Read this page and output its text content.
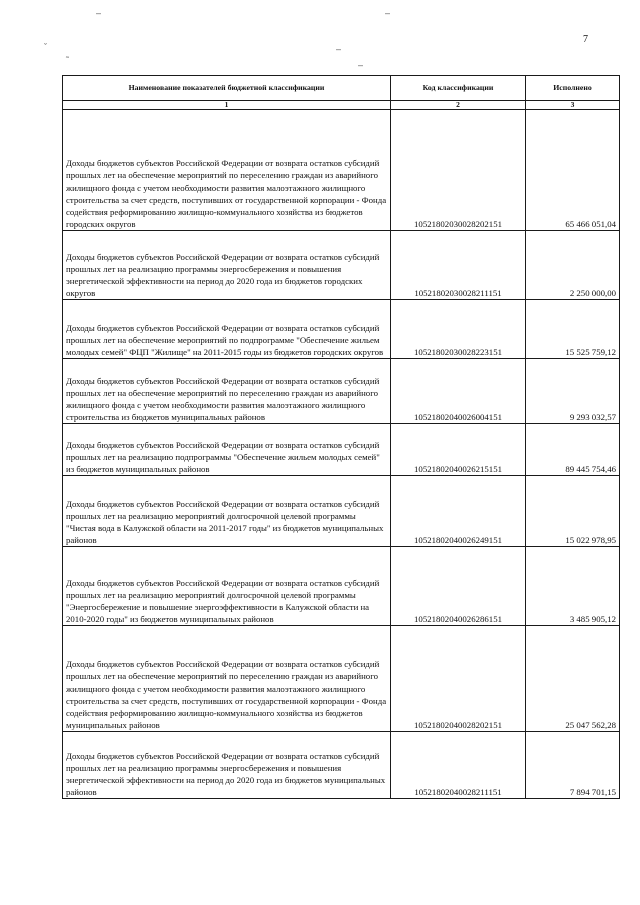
7
–	–
ˇ	–
˜	–
Наименование показателей бюджетной классификации	Код классификации	Исполнено
1	2	3
Доходы бюджетов субъектов Российской Федерации от возврата остатков субсидий прошлых лет на обеспечение мероприятий по переселению граждан из аварийного жилищного фонда с учетом необходимости развития малоэтажного жилищного строительства за счет средств, поступивших от государственной корпорации - Фонда содействия реформированию жилищно-коммунального хозяйства из бюджетов городских округов	10521802030028202151	65 466 051,04
Доходы бюджетов субъектов Российской Федерации от возврата остатков субсидий прошлых лет на реализацию программы энергосбережения и повышения энергетической эффективности на период до 2020 года из бюджетов городских округов	10521802030028211151	2 250 000,00
Доходы бюджетов субъектов Российской Федерации от возврата остатков субсидий прошлых лет на обеспечение мероприятий по подпрограмме "Обеспечение жильем молодых семей" ФЦП "Жилище" на 2011-2015 годы из бюджетов городских округов	10521802030028223151	15 525 759,12
Доходы бюджетов субъектов Российской Федерации от возврата остатков субсидий прошлых лет на обеспечение мероприятий по переселению граждан из аварийного жилищного фонда с учетом необходимости развития малоэтажного жилищного строительства из бюджетов муниципальных районов	10521802040026004151	9 293 032,57
Доходы бюджетов субъектов Российской Федерации от возврата остатков субсидий прошлых лет на реализацию подпрограммы "Обеспечение жильем молодых семей" из бюджетов муниципальных районов	10521802040026215151	89 445 754,46
Доходы бюджетов субъектов Российской Федерации от возврата остатков субсидий прошлых лет на реализацию мероприятий долгосрочной целевой программы "Чистая вода в Калужской области на 2011-2017 годы" из бюджетов муниципальных районов	10521802040026249151	15 022 978,95
Доходы бюджетов субъектов Российской Федерации от возврата остатков субсидий прошлых лет на реализацию мероприятий долгосрочной целевой программы "Энергосбережение и повышение энергоэффективности в Калужской области на 2010-2020 годы" из бюджетов муниципальных районов	10521802040026286151	3 485 905,12
Доходы бюджетов субъектов Российской Федерации от возврата остатков субсидий прошлых лет на обеспечение мероприятий по переселению граждан из аварийного жилищного фонда с учетом необходимости развития малоэтажного жилищного строительства за счет средств, поступивших от государственной корпорации - Фонда содействия реформированию жилищно-коммунального хозяйства из бюджетов муниципальных районов	10521802040028202151	25 047 562,28
Доходы бюджетов субъектов Российской Федерации от возврата остатков субсидий прошлых лет на реализацию программы энергосбережения и повышения энергетической эффективности на период до 2020 года из бюджетов муниципальных районов	10521802040028211151	7 894 701,15
